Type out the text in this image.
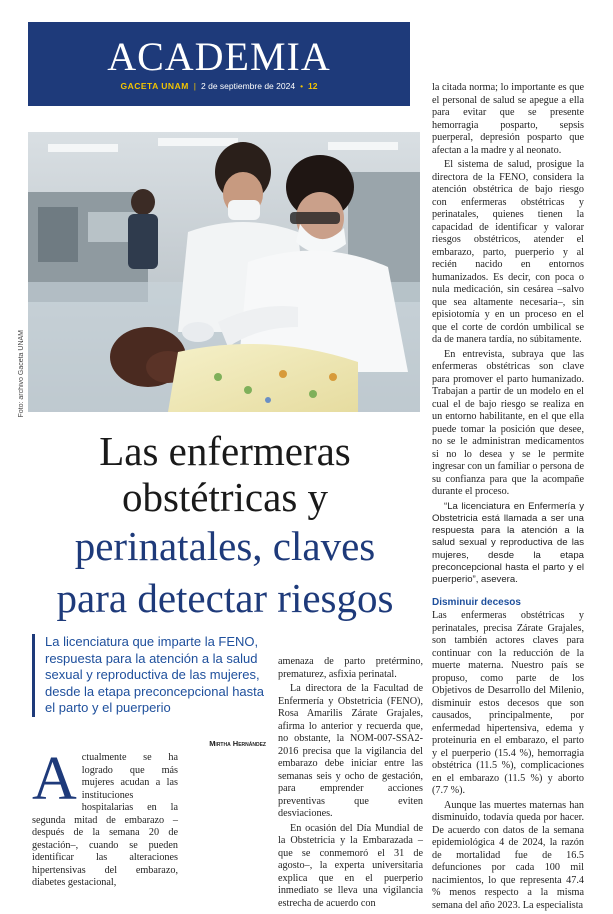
ACADEMIA
GACETA UNAM | 2 de septiembre de 2024 • 12
Foto: archivo Gaceta UNAM
Las enfermeras
obstétricas y
perinatales, claves
para detectar riesgos
La licenciatura que imparte la FENO, respuesta para la atención a la salud sexual y reproductiva de las mujeres, desde la etapa preconcepcional hasta el parto y el puerperio
Mirtha Hernández
A ctualmente se ha logrado que más mujeres acudan a las instituciones hospitalarias en la segunda mitad de embarazo –después de la semana 20 de gestación–, cuando se pueden identificar las alteraciones hipertensivas del embarazo, diabetes gestacional,

amenaza de parto pretérmino, prematurez, asfixia perinatal.

La directora de la Facultad de Enfermería y Obstetricia (FENO), Rosa Amarilis Zárate Grajales, afirma lo anterior y recuerda que, no obstante, la NOM-007-SSA2-2016 precisa que la vigilancia del embarazo debe iniciar entre las semanas seis y ocho de gestación, para emprender acciones preventivas que eviten desviaciones.

En ocasión del Día Mundial de la Obstetricia y la Embarazada –que se conmemoró el 31 de agosto–, la experta universitaria explica que en el puerperio inmediato se lleva una vigilancia estrecha de acuerdo con

la citada norma; lo importante es que el personal de salud se apegue a ella para evitar que se presente hemorragia posparto, sepsis puerperal, depresión posparto que afectan a la madre y al neonato.

El sistema de salud, prosigue la directora de la FENO, considera la atención obstétrica de bajo riesgo con enfermeras obstétricas y perinatales, quienes tienen la capacidad de identificar y valorar riesgos obstétricos, atender el embarazo, parto, puerperio y al recién nacido en entornos humanizados. Es decir, con poca o nula medicación, sin cesárea –salvo que sea altamente necesaria–, sin episiotomía y en un proceso en el que el corte de cordón umbilical se da de manera tardía, no súbitamente.

En entrevista, subraya que las enfermeras obstétricas son clave para promover el parto humanizado. Trabajan a partir de un modelo en el cual el de bajo riesgo se realiza en un entorno habilitante, en el que ella puede tomar la posición que desee, no se le administran medicamentos si no lo desea y se le permite ingresar con un familiar o persona de su confianza para que la acompañe durante el proceso.

“La licenciatura en Enfermería y Obstetricia está llamada a ser una respuesta para la atención a la salud sexual y reproductiva de las mujeres, desde la etapa preconcepcional hasta el parto y el puerperio”, asevera.

Disminuir decesos

Las enfermeras obstétricas y perinatales, precisa Zárate Grajales, son también actores claves para continuar con la reducción de la muerte materna. Nuestro país se propuso, como parte de los Objetivos de Desarrollo del Milenio, disminuir estos decesos que son causados, principalmente, por enfermedad hipertensiva, edema y proteinuria en el embarazo, el parto y el puerperio (15.4 %), hemorragia obstétrica (11.5 %), complicaciones en el embarazo (11.5 %) y aborto (7.7 %).

Aunque las muertes maternas han disminuido, todavía queda por hacer. De acuerdo con datos de la semana epidemiológica 4 de 2024, la razón de mortalidad fue de 16.5 defunciones por cada 100 mil nacimientos, lo que representa 47.4 % menos respecto a la misma semana del año 2023. La especialista
